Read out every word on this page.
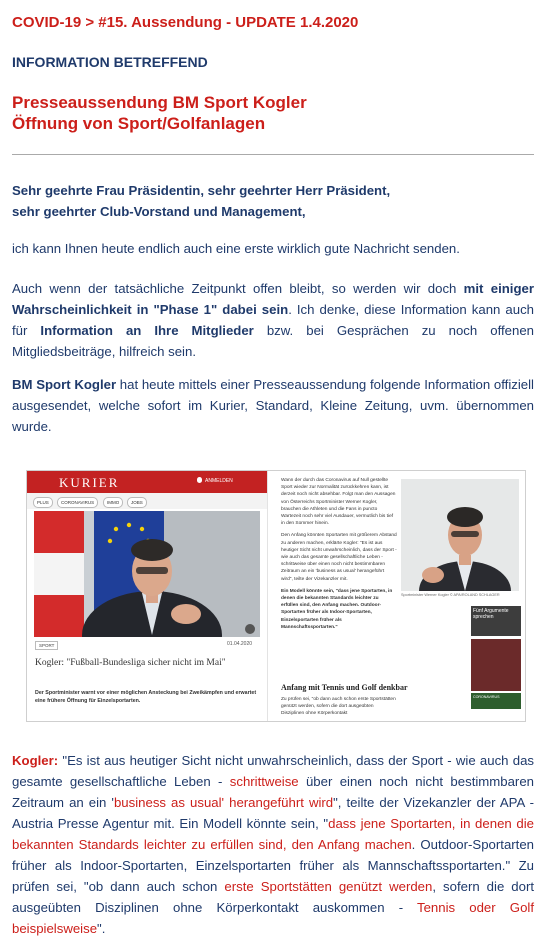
COVID-19 > #15. Aussendung - UPDATE 1.4.2020
INFORMATION BETREFFEND
Presseaussendung BM Sport Kogler
Öffnung von Sport/Golfanlagen
Sehr geehrte Frau Präsidentin, sehr geehrter Herr Präsident,
sehr geehrter Club-Vorstand und Management,
ich kann Ihnen heute endlich auch eine erste wirklich gute Nachricht senden.
Auch wenn der tatsächliche Zeitpunkt offen bleibt, so werden wir doch mit einiger Wahrscheinlichkeit in "Phase 1" dabei sein. Ich denke, diese Information kann auch für Information an Ihre Mitglieder bzw. bei Gesprächen zu noch offenen Mitgliedsbeiträge, hilfreich sein.
BM Sport Kogler hat heute mittels einer Presseaussendung folgende Information offiziell ausgesendet, welche sofort im Kurier, Standard, Kleine Zeitung, uvm. übernommen wurde.
KURIER	ANMELDEN
PLUS	CORONAVIRUS	IMMO	JOBS
SPORT	01.04.2020
Kogler: "Fußball-Bundesliga sicher nicht im Mai"
Der Sportminister warnt vor einer möglichen Ansteckung bei Zweikämpfen und erwartet eine frühere Öffnung für Einzelsportarten.

Wann der durch das Coronavirus auf Null gestellte Sport wieder zur Normalität zurückkehren kann, ist derzeit noch nicht absehbar. Folgt man den Aussagen von Österreichs Sportminister Werner Kogler, brauchen die Athleten und die Fans in puncto Wartezeit noch sehr viel Ausdauer, vermutlich bis tief in den Sommer hinein.

Den Anfang könnten Sportarten mit größerem Abstand zu anderen machen, erklärte Kogler: "Es ist aus heutiger Sicht nicht unwahrscheinlich, dass der Sport - wie auch das gesamte gesellschaftliche Leben - schrittweise über einen noch nicht bestimmbaren Zeitraum an ein 'business as usual' herangeführt wird", teilte der Vizekanzler mit.

Ein Modell könnte sein, "dass jene Sportarten, in denen die bekannten Standards leichter zu erfüllen sind, den Anfang machen. Outdoor-Sportarten früher als Indoor-Sportarten, Einzelsportarten früher als Mannschaftssportarten."

Anfang mit Tennis und Golf denkbar
Zu prüfen sei, "ob dann auch schon erste Sportstätten genützt werden, sofern die dort ausgeübten Disziplinen ohne Körperkontakt
Sportminister Werner Kogler © APA/ROLAND SCHLAGER
Fünf Argumente sprechen
CORONAVIRUS
Kogler: "Es ist aus heutiger Sicht nicht unwahrscheinlich, dass der Sport - wie auch das gesamte gesellschaftliche Leben - schrittweise über einen noch nicht bestimmbaren Zeitraum an ein 'business as usual' herangeführt wird", teilte der Vizekanzler der APA - Austria Presse Agentur mit. Ein Modell könnte sein, "dass jene Sportarten, in denen die bekannten Standards leichter zu erfüllen sind, den Anfang machen. Outdoor-Sportarten früher als Indoor-Sportarten, Einzelsportarten früher als Mannschaftssportarten." Zu prüfen sei, "ob dann auch schon erste Sportstätten genützt werden, sofern die dort ausgeübten Disziplinen ohne Körperkontakt auskommen - Tennis oder Golf beispielsweise".
